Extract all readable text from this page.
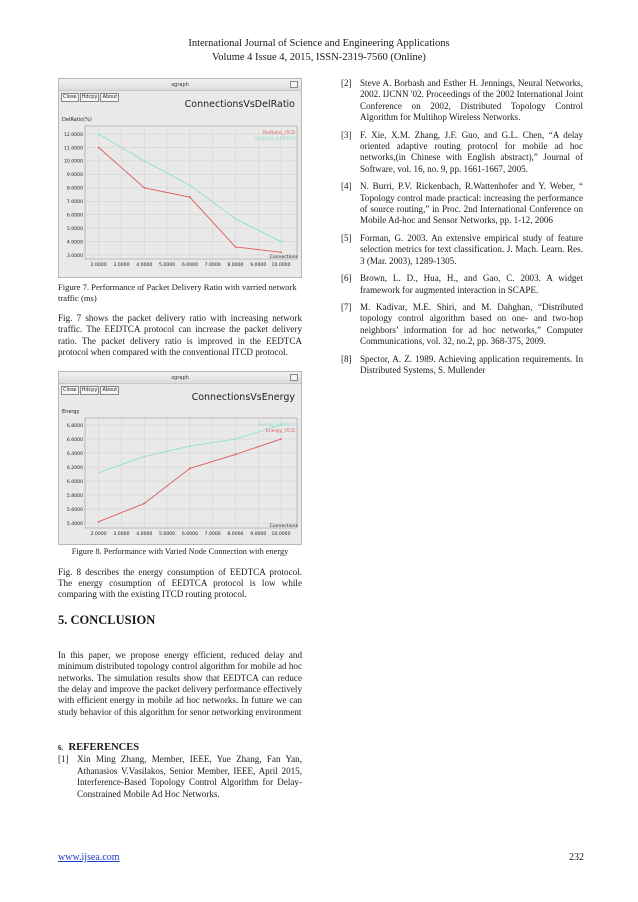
International Journal of Science and Engineering Applications
Volume 4 Issue 4, 2015, ISSN-2319-7560 (Online)
xgraph
Close	Hdcpy	About
ConnectionsVsDelRatio
DelRatio(%)
3.0000
4.0000
5.0000
6.0000
7.0000
8.0000
9.0000
10.0000
11.0000
12.0000
2.0000 3.0000 4.0000 5.0000 6.0000 7.0000 8.0000 9.0000 10.0000
Connections
DelRatio_ITCD
DelRatio_EEDTCA
Figure 7. Performance of Packet Delivery Ratio with varried network traffic (ms)
Fig. 7 shows the packet delivery ratio with increasing network traffic. The EEDTCA protocol can increase the packet delivery ratio. The packet delivery ratio is improved in the EEDTCA protocol when compared with the conventional ITCD protocol.
xgraph
Close	Hdcpy	About
ConnectionsVsEnergy
Energy
5.4000
5.6000
5.8000
6.0000
6.2000
6.4000
6.6000
6.8000
2.0000 3.0000 4.0000 5.0000 6.0000 7.0000 8.0000 9.0000 10.0000
Connections
Energy_EEDTCA
Energy_ITCD
Figure 8. Performance with Varied Node Connection with energy
Fig. 8 describes the energy consumption of EEDTCA protocol. The energy cosumption of EEDTCA protocol is low while comparing with the existing ITCD routing protocol.
5. CONCLUSION
In this paper, we propose energy efficient, reduced delay and minimum distributed topology control algorithm for mobile ad hoc networks. The simulation results show that EEDTCA can reduce the delay and improve the packet delivery performance effectively with efficient energy in mobile ad hoc networks. In future we can study behavior of this algorithm for senor networking environment
6. REFERENCES
[1] Xin Ming Zhang, Member, IEEE, Yue Zhang, Fan Yan, Athanasios V.Vasilakos, Senior Member, IEEE, April 2015, Interference-Based Topology Control Algorithm for Delay-Constrained Mobile Ad Hoc Networks.
[2] Steve A. Borbash and Esther H. Jennings, Neural Networks, 2002. IJCNN '02. Proceedings of the 2002 International Joint Conference on 2002, Distributed Topology Control Algorithm for Multihop Wireless Networks.
[3] F. Xie, X.M. Zhang, J.F. Guo, and G.L. Chen, “A delay oriented adaptive routing protocol for mobile ad hoc networks,(in Chinese with English abstract),” Journal of Software, vol. 16, no. 9, pp. 1661-1667, 2005.
[4] N. Burri, P.V. Rickenbach, R.Wattenhofer and Y. Weber, “ Topology control made practical: increasing the performance of source routing,” in Proc. 2nd International Conference on Mobile Ad-hoc and Sensor Networks, pp. 1-12, 2006
[5] Forman, G. 2003. An extensive empirical study of feature selection metrics for text classification. J. Mach. Learn. Res. 3 (Mar. 2003), 1289-1305.
[6] Brown, L. D., Hua, H., and Gao, C. 2003. A widget framework for augmented interaction in SCAPE.
[7] M. Kadivar, M.E. Shiri, and M. Dahghan, “Distributed topology control algorithm based on one- and two-hop neighbors’ information for ad hoc networks,” Computer Communications, vol. 32, no.2, pp. 368-375, 2009.
[8] Spector, A. Z. 1989. Achieving application requirements. In Distributed Systems, S. Mullender
www.ijsea.com	232
